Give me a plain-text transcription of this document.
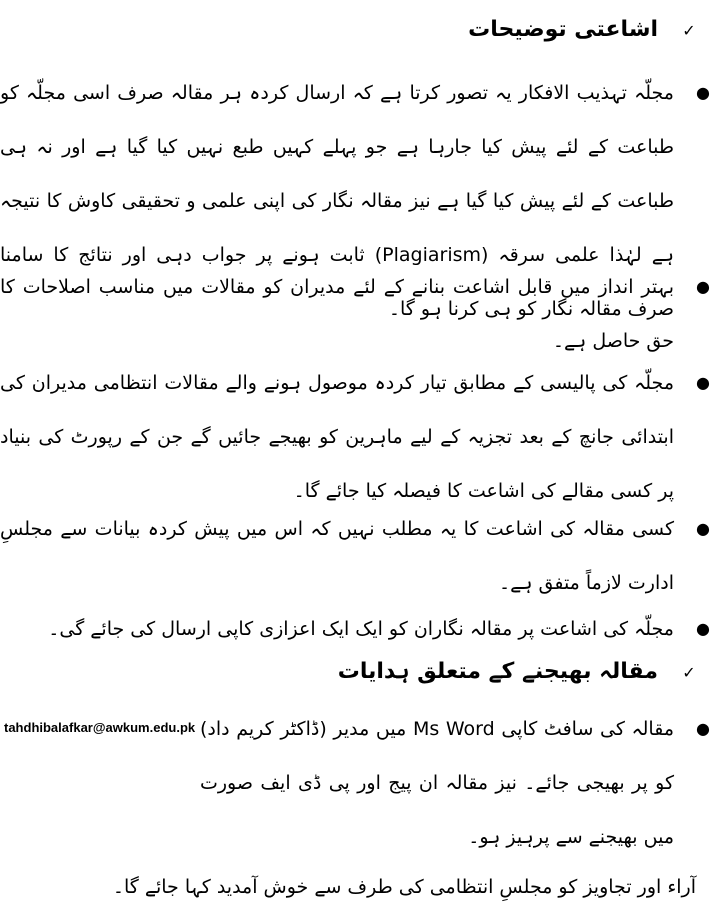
✓اشاعتی توضیحات
●
مجلّہ تہذیب الافکار یہ تصور کرتا ہے کہ ارسال کردہ ہر مقالہ صرف اسی مجلّہ کو طباعت کے لئے پیش کیا جارہا ہے جو پہلے کہیں طبع نہیں کیا گیا ہے اور نہ ہی طباعت کے لئے پیش کیا گیا ہے نیز مقالہ نگار کی اپنی علمی و تحقیقی کاوش کا نتیجہ ہے لہٰذا علمی سرقہ (Plagiarism) ثابت ہونے پر جواب دہی اور نتائج کا سامنا صرف مقالہ نگار کو ہی کرنا ہو گا۔
●
بہتر انداز میں قابل اشاعت بنانے کے لئے مدیران کو مقالات میں مناسب اصلاحات کا حق حاصل ہے۔
●
مجلّہ کی پالیسی کے مطابق تیار کردہ موصول ہونے والے مقالات انتظامی مدیران کی ابتدائی جانچ کے بعد تجزیہ کے لیے ماہرین کو بھیجے جائیں گے جن کے رپورٹ کی بنیاد پر کسی مقالے کی اشاعت کا فیصلہ کیا جائے گا۔
●
کسی مقالہ کی اشاعت کا یہ مطلب نہیں کہ اس میں پیش کردہ بیانات سے مجلسِ ادارت لازماً متفق ہے۔
●
مجلّہ کی اشاعت پر مقالہ نگاران کو ایک ایک اعزازی کاپی ارسال کی جائے گی۔
✓مقالہ بھیجنے کے متعلق ہدایات
●
مقالہ کی سافٹ کاپی Ms Word میں مدیر (ڈاکٹر کریم داد) کو پر بھیجی جائے۔ نیز مقالہ ان پیج اور پی ڈی ایف صورت میں بھیجنے سے پرہیز ہو۔
tahdhibalafkar@awkum.edu.pk
آراء اور تجاویز کو مجلسِ انتظامی کی طرف سے خوش آمدید کہا جائے گا۔
